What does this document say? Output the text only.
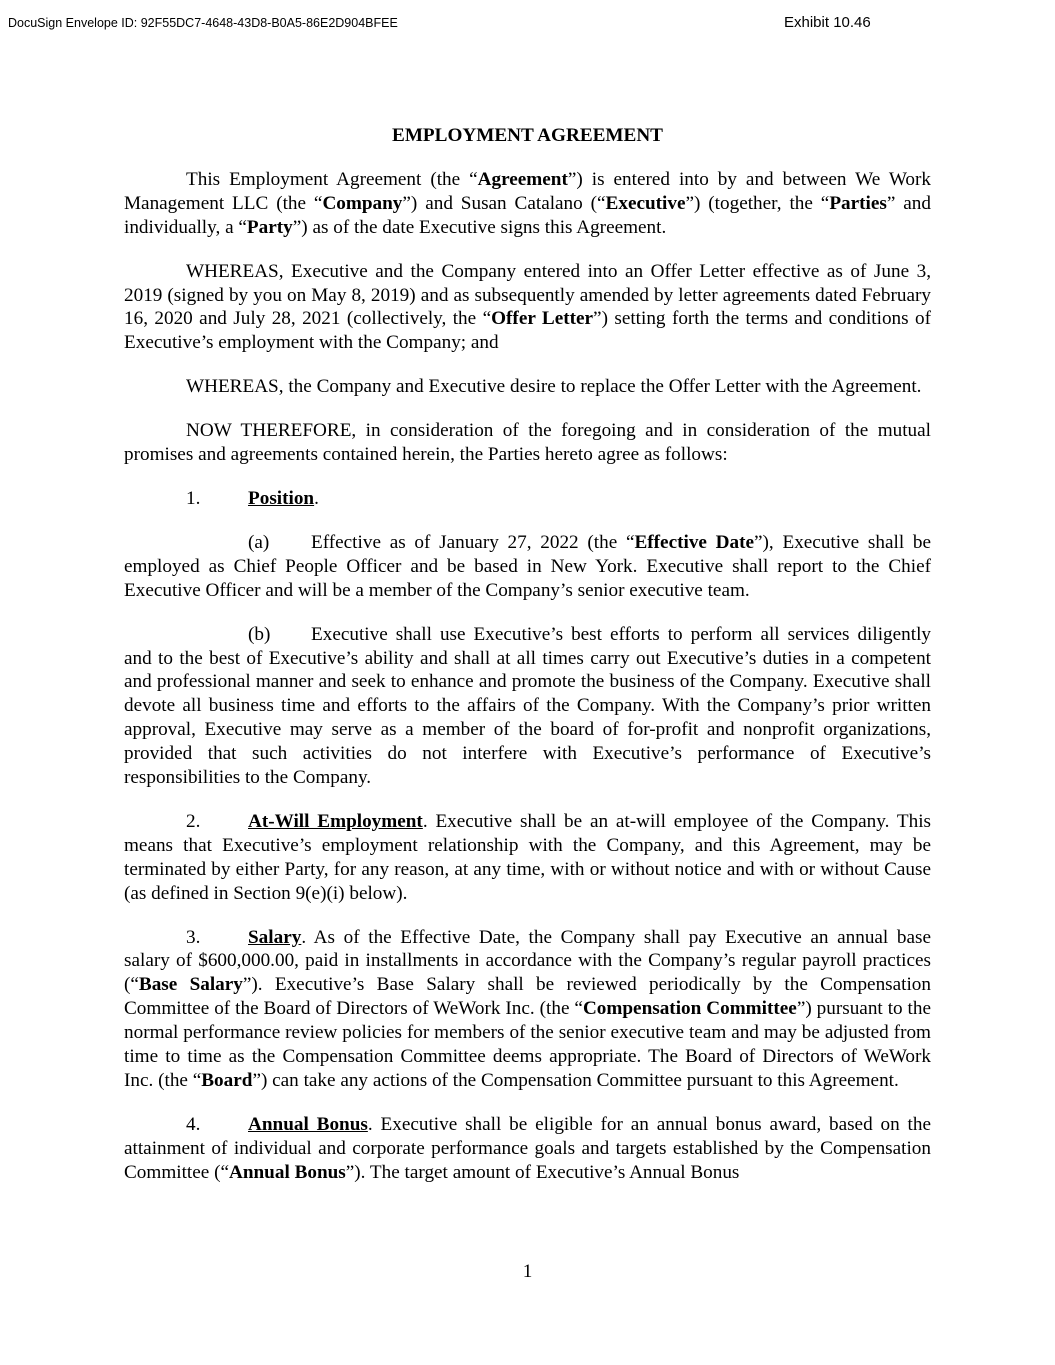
DocuSign Envelope ID: 92F55DC7-4648-43D8-B0A5-86E2D904BFEE	Exhibit 10.46

EMPLOYMENT AGREEMENT

This Employment Agreement (the “Agreement”) is entered into by and between We Work Management LLC (the “Company”) and Susan Catalano (“Executive”) (together, the “Parties” and individually, a “Party”) as of the date Executive signs this Agreement.

WHEREAS, Executive and the Company entered into an Offer Letter effective as of June 3, 2019 (signed by you on May 8, 2019) and as subsequently amended by letter agreements dated February 16, 2020 and July 28, 2021 (collectively, the “Offer Letter”) setting forth the terms and conditions of Executive’s employment with the Company; and

WHEREAS, the Company and Executive desire to replace the Offer Letter with the Agreement.

NOW THEREFORE, in consideration of the foregoing and in consideration of the mutual promises and agreements contained herein, the Parties hereto agree as follows:

1. Position.

(a) Effective as of January 27, 2022 (the “Effective Date”), Executive shall be employed as Chief People Officer and be based in New York. Executive shall report to the Chief Executive Officer and will be a member of the Company’s senior executive team.

(b) Executive shall use Executive’s best efforts to perform all services diligently and to the best of Executive’s ability and shall at all times carry out Executive’s duties in a competent and professional manner and seek to enhance and promote the business of the Company. Executive shall devote all business time and efforts to the affairs of the Company. With the Company’s prior written approval, Executive may serve as a member of the board of for-profit and nonprofit organizations, provided that such activities do not interfere with Executive’s performance of Executive’s responsibilities to the Company.

2. At-Will Employment. Executive shall be an at-will employee of the Company. This means that Executive’s employment relationship with the Company, and this Agreement, may be terminated by either Party, for any reason, at any time, with or without notice and with or without Cause (as defined in Section 9(e)(i) below).

3. Salary. As of the Effective Date, the Company shall pay Executive an annual base salary of $600,000.00, paid in installments in accordance with the Company’s regular payroll practices (“Base Salary”). Executive’s Base Salary shall be reviewed periodically by the Compensation Committee of the Board of Directors of WeWork Inc. (the “Compensation Committee”) pursuant to the normal performance review policies for members of the senior executive team and may be adjusted from time to time as the Compensation Committee deems appropriate. The Board of Directors of WeWork Inc. (the “Board”) can take any actions of the Compensation Committee pursuant to this Agreement.

4. Annual Bonus. Executive shall be eligible for an annual bonus award, based on the attainment of individual and corporate performance goals and targets established by the Compensation Committee (“Annual Bonus”). The target amount of Executive’s Annual Bonus

1
